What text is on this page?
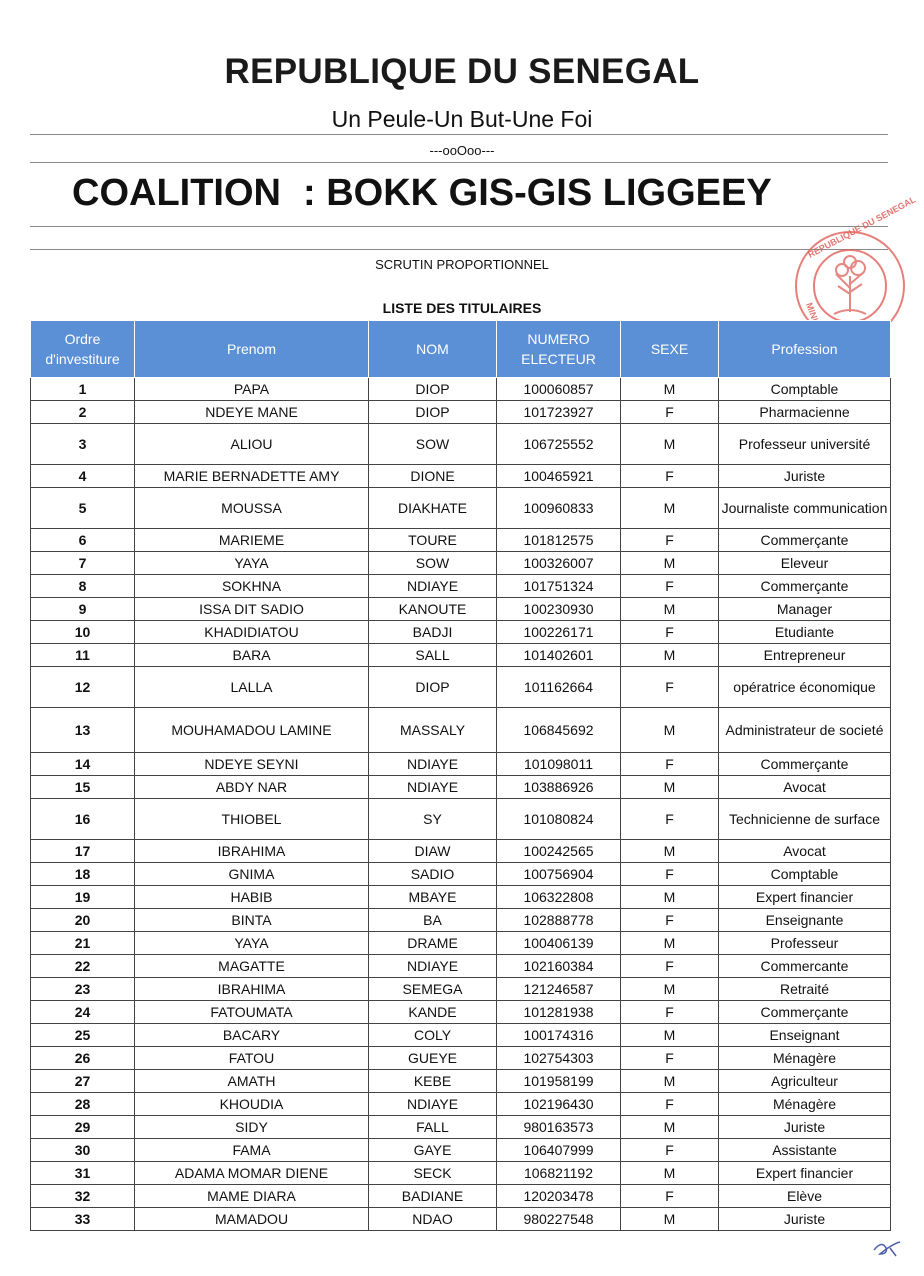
REPUBLIQUE DU SENEGAL
Un Peule-Un But-Une Foi
---ooOoo---
COALITION : BOKK GIS-GIS LIGGEEY
SCRUTIN PROPORTIONNEL
LISTE DES TITULAIRES
REPUBLIQUE DU SENEGAL
Ordre d'investiture	Prenom	NOM	NUMERO ELECTEUR	SEXE	Profession
1	PAPA	DIOP	100060857	M	Comptable
2	NDEYE MANE	DIOP	101723927	F	Pharmacienne
3	ALIOU	SOW	106725552	M	Professeur université
4	MARIE BERNADETTE AMY	DIONE	100465921	F	Juriste
5	MOUSSA	DIAKHATE	100960833	M	Journaliste communication
6	MARIEME	TOURE	101812575	F	Commerçante
7	YAYA	SOW	100326007	M	Eleveur
8	SOKHNA	NDIAYE	101751324	F	Commerçante
9	ISSA DIT SADIO	KANOUTE	100230930	M	Manager
10	KHADIDIATOU	BADJI	100226171	F	Etudiante
11	BARA	SALL	101402601	M	Entrepreneur
12	LALLA	DIOP	101162664	F	opératrice économique
13	MOUHAMADOU LAMINE	MASSALY	106845692	M	Administrateur de societé
14	NDEYE SEYNI	NDIAYE	101098011	F	Commerçante
15	ABDY NAR	NDIAYE	103886926	M	Avocat
16	THIOBEL	SY	101080824	F	Technicienne de surface
17	IBRAHIMA	DIAW	100242565	M	Avocat
18	GNIMA	SADIO	100756904	F	Comptable
19	HABIB	MBAYE	106322808	M	Expert financier
20	BINTA	BA	102888778	F	Enseignante
21	YAYA	DRAME	100406139	M	Professeur
22	MAGATTE	NDIAYE	102160384	F	Commercante
23	IBRAHIMA	SEMEGA	121246587	M	Retraité
24	FATOUMATA	KANDE	101281938	F	Commerçante
25	BACARY	COLY	100174316	M	Enseignant
26	FATOU	GUEYE	102754303	F	Ménagère
27	AMATH	KEBE	101958199	M	Agriculteur
28	KHOUDIA	NDIAYE	102196430	F	Ménagère
29	SIDY	FALL	980163573	M	Juriste
30	FAMA	GAYE	106407999	F	Assistante
31	ADAMA MOMAR DIENE	SECK	106821192	M	Expert financier
32	MAME DIARA	BADIANE	120203478	F	Elève
33	MAMADOU	NDAO	980227548	M	Juriste
